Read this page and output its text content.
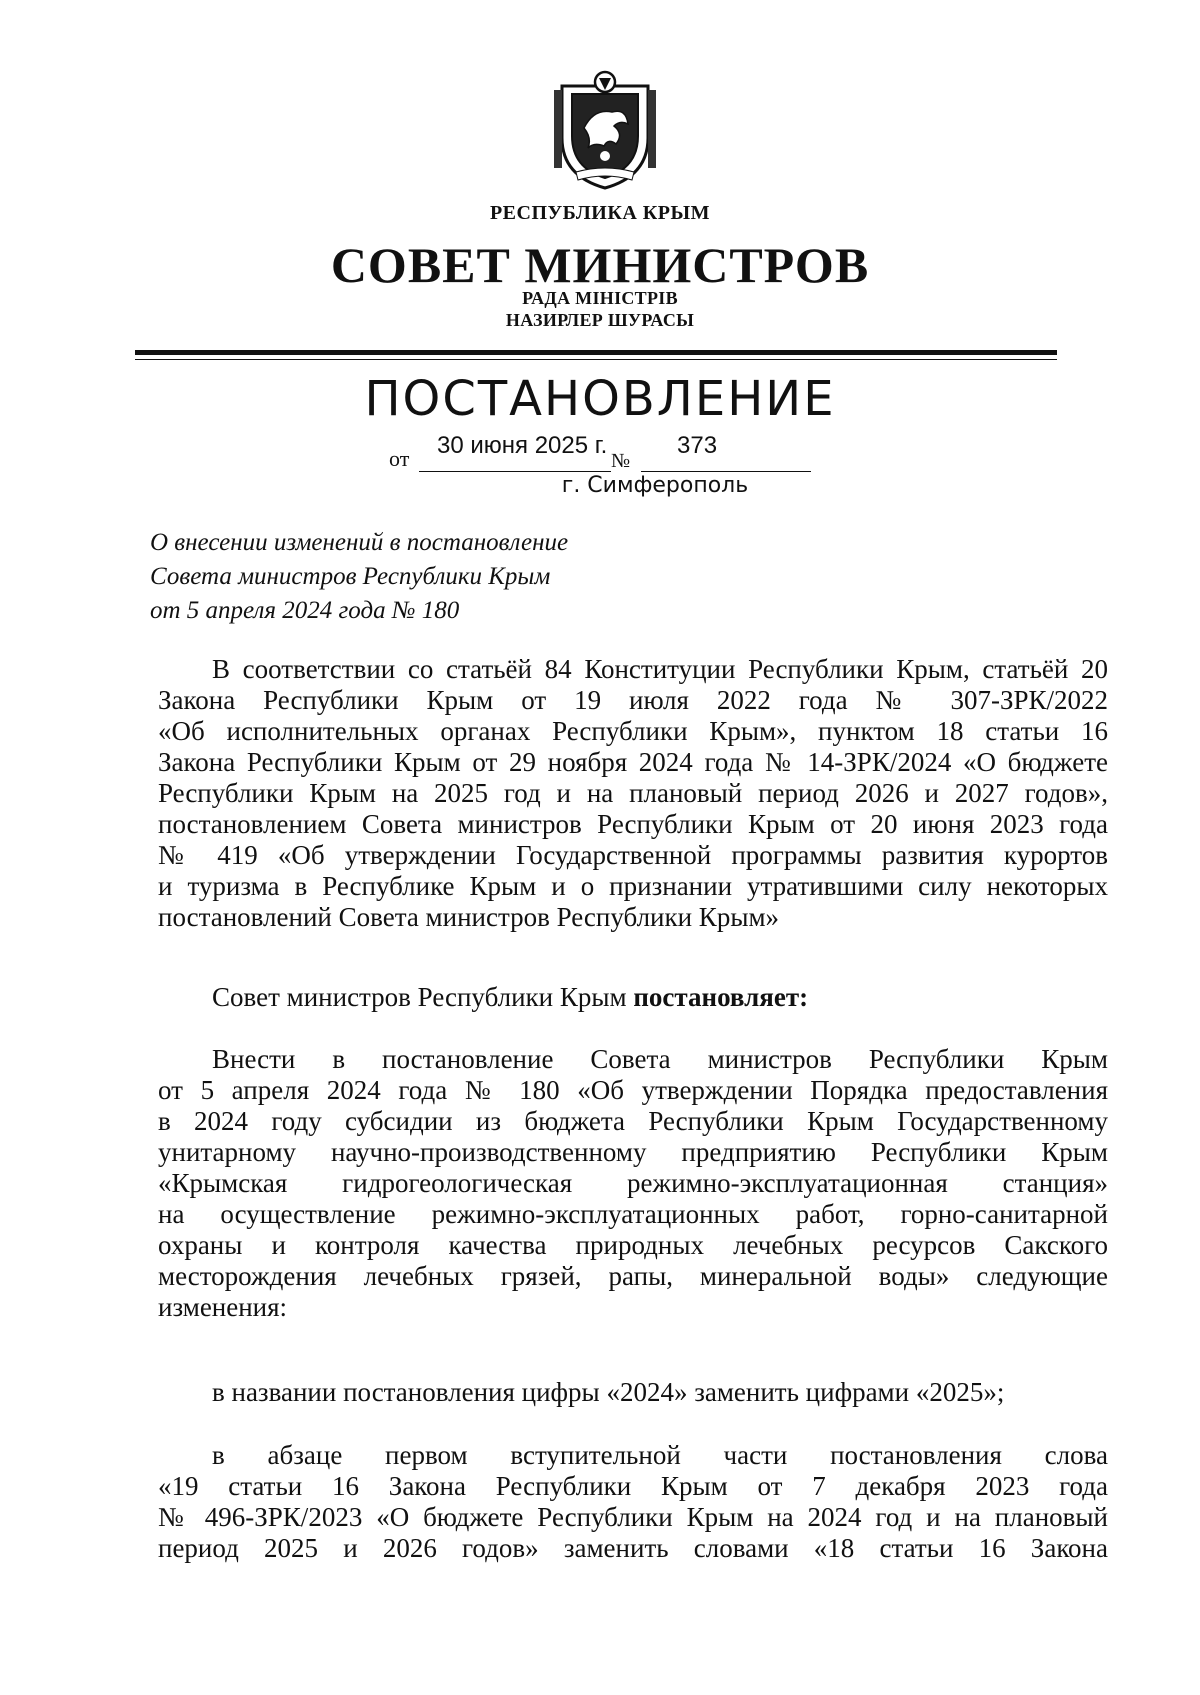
РЕСПУБЛИКА КРЫМ
СОВЕТ МИНИСТРОВ
РАДА МІНІСТРІВ
НАЗИРЛЕР ШУРАСЫ
ПОСТАНОВЛЕНИЕ
от 30 июня 2025 г.
№
373
г. Симферополь
О внесении изменений в постановление
Совета министров Республики Крым
от 5 апреля 2024 года № 180
В соответствии со статьёй 84 Конституции Республики Крым, статьёй 20
Закона Республики Крым от 19 июля 2022 года № 307-ЗРК/2022
«Об исполнительных органах Республики Крым», пунктом 18 статьи 16
Закона Республики Крым от 29 ноября 2024 года № 14-ЗРК/2024 «О бюджете
Республики Крым на 2025 год и на плановый период 2026 и 2027 годов»,
постановлением Совета министров Республики Крым от 20 июня 2023 года
№ 419 «Об утверждении Государственной программы развития курортов
и туризма в Республике Крым и о признании утратившими силу некоторых
постановлений Совета министров Республики Крым»
Совет министров Республики Крым постановляет:
Внести в постановление Совета министров Республики Крым
от 5 апреля 2024 года № 180 «Об утверждении Порядка предоставления
в 2024 году субсидии из бюджета Республики Крым Государственному
унитарному научно-производственному предприятию Республики Крым
«Крымская гидрогеологическая режимно-эксплуатационная станция»
на осуществление режимно-эксплуатационных работ, горно-санитарной
охраны и контроля качества природных лечебных ресурсов Сакского
месторождения лечебных грязей, рапы, минеральной воды» следующие
изменения:
в названии постановления цифры «2024» заменить цифрами «2025»;
в абзаце первом вступительной части постановления слова
«19 статьи 16 Закона Республики Крым от 7 декабря 2023 года
№ 496-ЗРК/2023 «О бюджете Республики Крым на 2024 год и на плановый
период 2025 и 2026 годов» заменить словами «18 статьи 16 Закона
